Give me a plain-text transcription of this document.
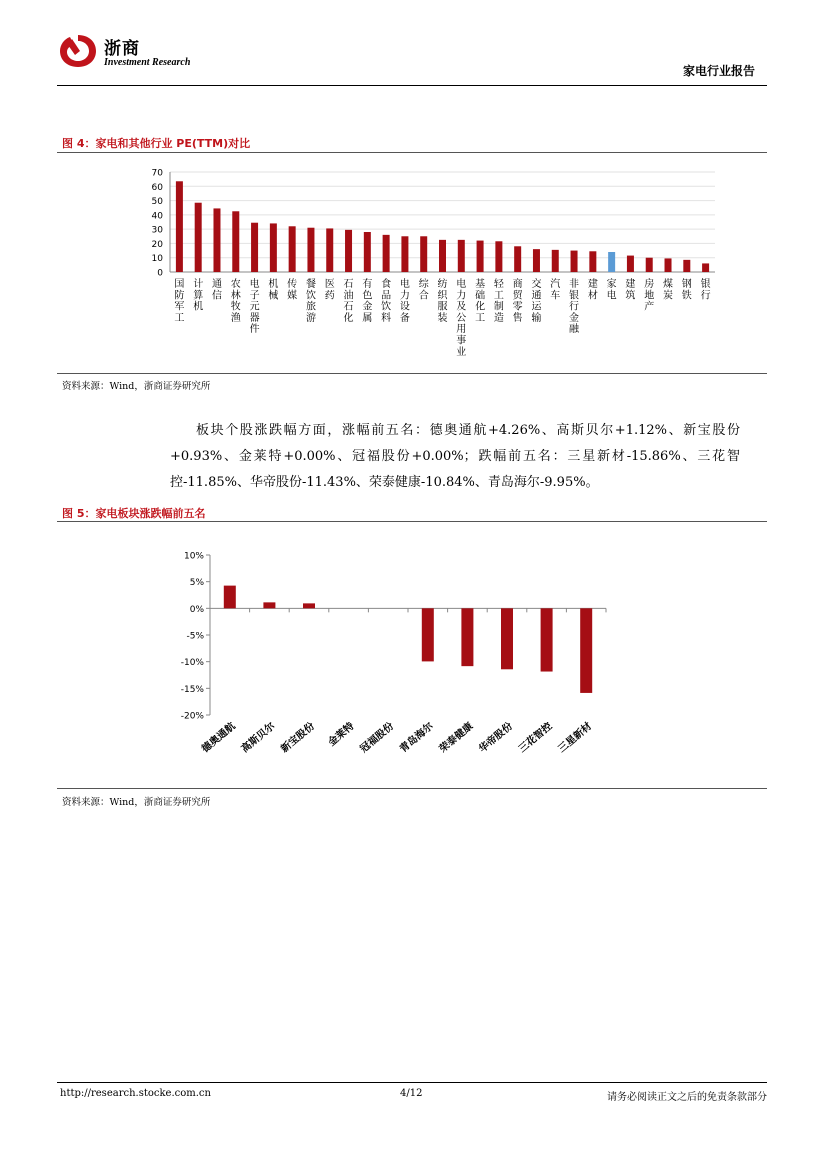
浙商
Investment Research
家电行业报告
图 4：家电和其他行业 PE(TTM)对比
0
10
20
30
40
50
60
70
国防军工
计算机
通信
农林牧渔
电子元器件
机械
传媒
餐饮旅游
医药
石油石化
有色金属
食品饮料
电力设备
综合
纺织服装
电力及公用事业
基础化工
轻工制造
商贸零售
交通运输
汽车
非银行金融
建材
家电
建筑
房地产
煤炭
钢铁
银行
资料来源：Wind，浙商证券研究所
板块个股涨跌幅方面，涨幅前五名：德奥通航+4.26%、高斯贝尔+1.12%、新宝股份+0.93%、金莱特+0.00%、冠福股份+0.00%；跌幅前五名：三星新材-15.86%、三花智控-11.85%、华帝股份-11.43%、荣泰健康-10.84%、青岛海尔-9.95%。
图 5：家电板块涨跌幅前五名
10%
5%
0%
-5%
-10%
-15%
-20%
德奥通航 高斯贝尔 新宝股份 金莱特 冠福股份 青岛海尔 荣泰健康 华帝股份 三花智控 三星新材
资料来源：Wind，浙商证券研究所
http://research.stocke.com.cn	4/12	请务必阅读正文之后的免责条款部分
